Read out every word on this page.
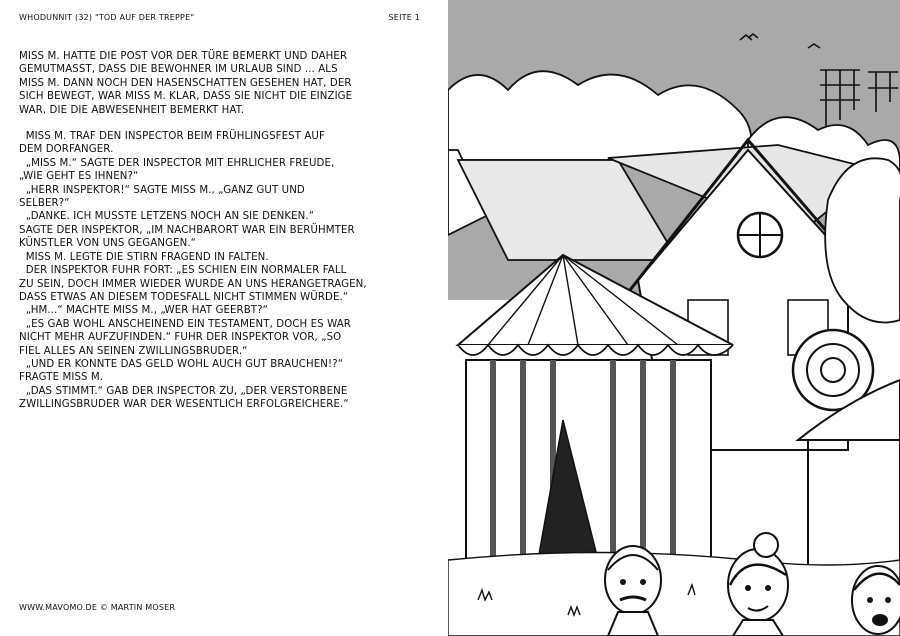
WHODUNNIT (32) "TOD AUF DER TREPPE"	SEITE 1

MISS M. HATTE DIE POST VOR DER TÜRE BEMERKT UND DAHER

GEMUTMASST, DASS DIE BEWOHNER IM URLAUB SIND ... ALS

MISS M. DANN NOCH DEN HASENSCHATTEN GESEHEN HAT, DER

SICH BEWEGT, WAR MISS M. KLAR, DASS SIE NICHT DIE EINZIGE

WAR, DIE DIE ABWESENHEIT BEMERKT HAT.

MISS M. TRAF DEN INSPECTOR BEIM FRÜHLINGSFEST AUF

DEM DORFANGER.

„MISS M.“ SAGTE DER INSPECTOR MIT EHRLICHER FREUDE,

„WIE GEHT ES IHNEN?“

„HERR INSPEKTOR!“ SAGTE MISS M., „GANZ GUT UND

SELBER?“

„DANKE. ICH MUSSTE LETZENS NOCH AN SIE DENKEN.“

SAGTE DER INSPEKTOR, „IM NACHBARORT WAR EIN BERÜHMTER

KÜNSTLER VON UNS GEGANGEN.“

MISS M. LEGTE DIE STIRN FRAGEND IN FALTEN.

DER INSPEKTOR FUHR FORT: „ES SCHIEN EIN NORMALER FALL

ZU SEIN, DOCH IMMER WIEDER WURDE AN UNS HERANGETRAGEN,

DASS ETWAS AN DIESEM TODESFALL NICHT STIMMEN WÜRDE.“

„HM...“ MACHTE MISS M., „WER HAT GEERBT?“

„ES GAB WOHL ANSCHEINEND EIN TESTAMENT, DOCH ES WAR

NICHT MEHR AUFZUFINDEN.“ FUHR DER INSPEKTOR VOR, „SO

FIEL ALLES AN SEINEN ZWILLINGSBRUDER.“

„UND ER KONNTE DAS GELD WOHL AUCH GUT BRAUCHEN!?“

FRAGTE MISS M.

„DAS STIMMT.“ GAB DER INSPECTOR ZU, „DER VERSTORBENE

ZWILLINGSBRUDER WAR DER WESENTLICH ERFOLGREICHERE.“

WWW.MAVOMO.DE © MARTIN MOSER
